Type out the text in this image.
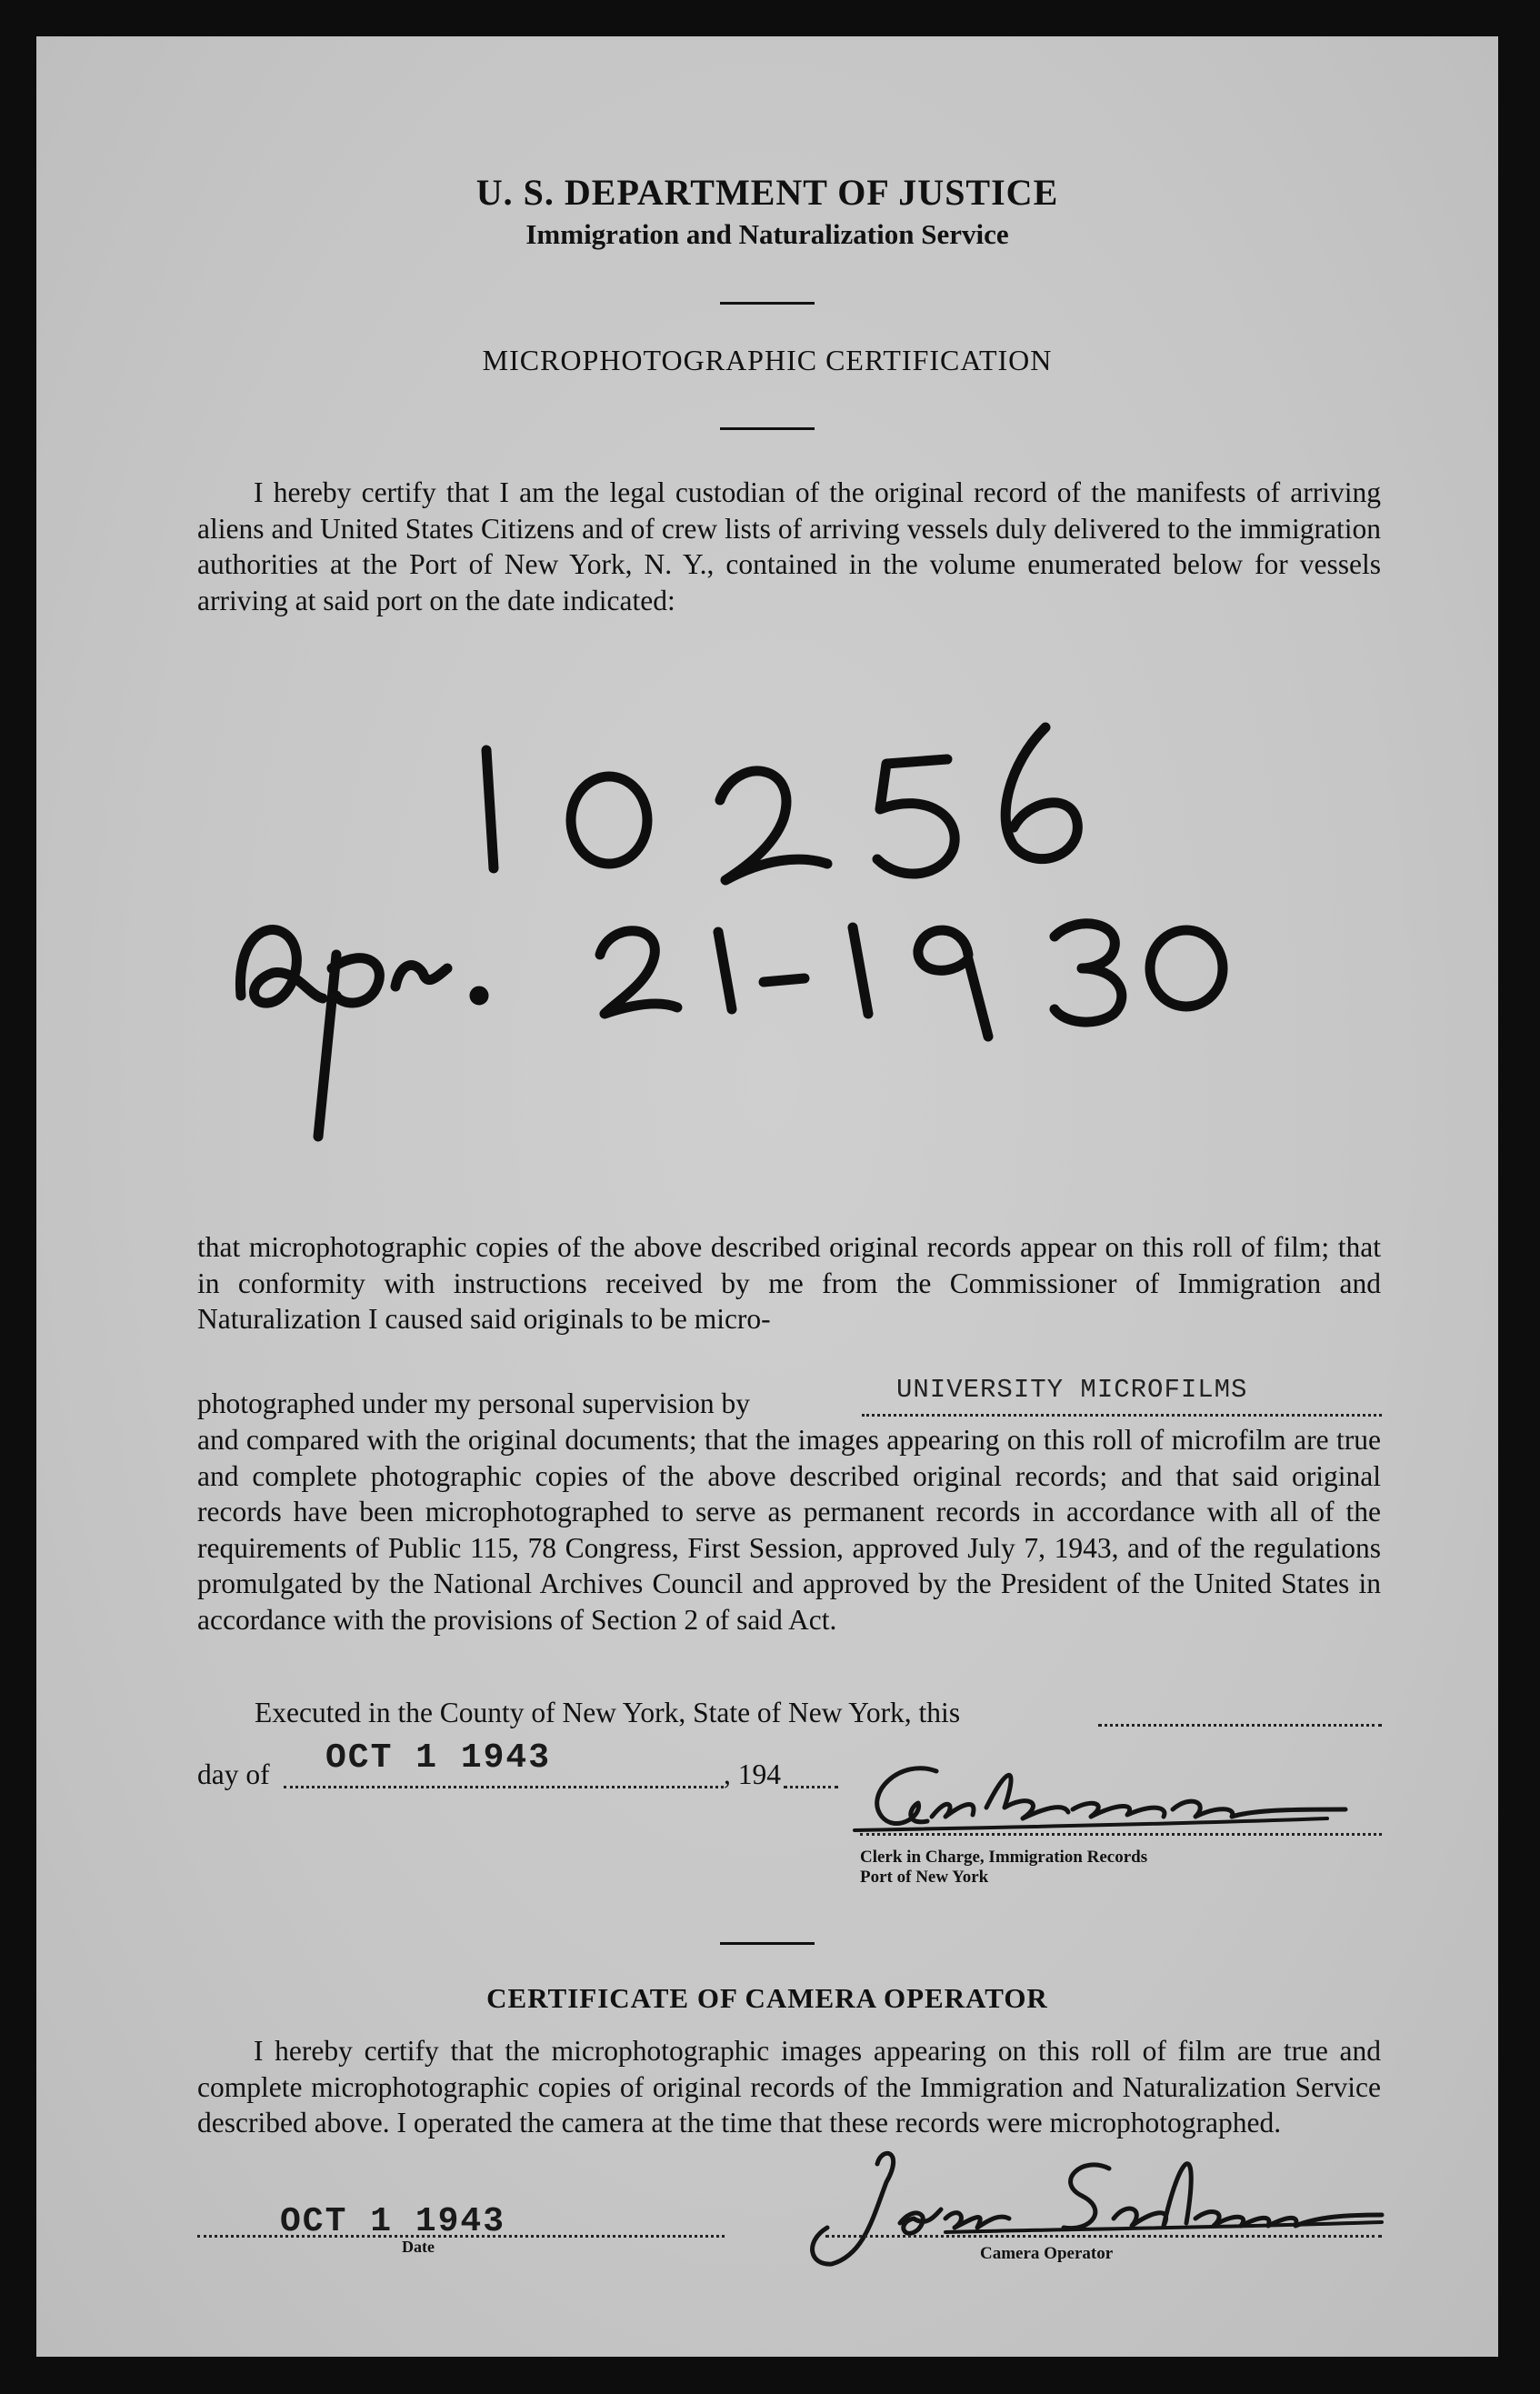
U. S. DEPARTMENT OF JUSTICE
Immigration and Naturalization Service
MICROPHOTOGRAPHIC CERTIFICATION

I hereby certify that I am the legal custodian of the original record of the manifests of arriving aliens and United States Citizens and of crew lists of arriving vessels duly delivered to the immigration authorities at the Port of New York, N. Y., contained in the volume enumerated below for vessels arriving at said port on the date indicated:

that microphotographic copies of the above described original records appear on this roll of film; that in conformity with instructions received by me from the Commissioner of Immigration and Naturalization I caused said originals to be micro-

photographed under my personal supervision by	UNIVERSITY MICROFILMS

and compared with the original documents; that the images appearing on this roll of microfilm are true and complete photographic copies of the above described original records; and that said original records have been microphotographed to serve as permanent records in accordance with all of the requirements of Public 115, 78 Congress, First Session, approved July 7, 1943, and of the regulations promulgated by the National Archives Council and approved by the President of the United States in accordance with the provisions of Section 2 of said Act.

Executed in the County of New York, State of New York, this
day of OCT 1 1943	, 194
Clerk in Charge, Immigration Records
Port of New York
CERTIFICATE OF CAMERA OPERATOR

I hereby certify that the microphotographic images appearing on this roll of film are true and complete microphotographic copies of original records of the Immigration and Naturalization Service described above. I operated the camera at the time that these records were microphotographed.

OCT 1 1943
Date	Camera Operator
